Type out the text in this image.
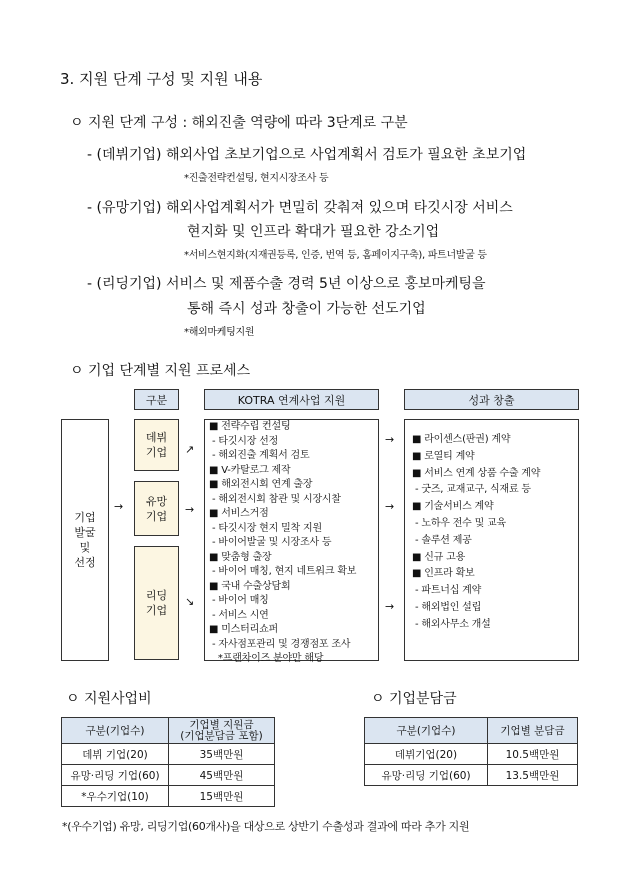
3. 지원 단계 구성 및 지원 내용
ㅇ 지원 단계 구성 : 해외진출 역량에 따라 3단계로 구분
- (데뷔기업) 해외사업 초보기업으로 사업계획서 검토가 필요한 초보기업
*진출전략컨설팅, 현지시장조사 등
- (유망기업) 해외사업계획서가 면밀히 갖춰져 있으며 타깃시장 서비스
현지화 및 인프라 확대가 필요한 강소기업
*서비스현지화(지재권등록, 인증, 번역 등, 홈페이지구축), 파트너발굴 등
- (리딩기업) 서비스 및 제품수출 경력 5년 이상으로 홍보마케팅을
통해 즉시 성과 창출이 가능한 선도기업
*해외마케팅지원
ㅇ 기업 단계별 지원 프로세스
구분	KOTRA 연계사업 지원	성과 창출
기업
발굴
및
선정
→
데뷔
기업
유망
기업
리딩
기업
↗
→
↘
■ 전략수립 컨설팅
- 타깃시장 선정
- 해외진출 계획서 검토
■ V-카탈로그 제작
■ 해외전시회 연계 출장
- 해외전시회 참관 및 시장시찰
■ 서비스거점
- 타깃시장 현지 밀착 지원
- 바이어발굴 및 시장조사 등
■ 맞춤형 출장
- 바이어 매칭, 현지 네트워크 확보
■ 국내 수출상담회
- 바이어 매칭
- 서비스 시연
■ 미스터리쇼퍼
- 자사점포관리 및 경쟁점포 조사
*프랜차이즈 분야만 해당
→
→
→
■ 라이센스(판권) 계약
■ 로열티 계약
■ 서비스 연계 상품 수출 계약
- 굿즈, 교재교구, 식재료 등
■ 기술서비스 계약
- 노하우 전수 및 교육
- 솔루션 제공
■ 신규 고용
■ 인프라 확보
- 파트너십 계약
- 해외법인 설립
- 해외사무소 개설
ㅇ 지원사업비
구분(기업수)	기업별 지원금
(기업분담금 포함)
데뷔 기업(20)	35백만원
유망·리딩 기업(60)	45백만원
*우수기업(10)	15백만원
ㅇ 기업분담금
구분(기업수)	기업별 분담금
데뷔기업(20)	10.5백만원
유망·리딩 기업(60)	13.5백만원
*(우수기업) 유망, 리딩기업(60개사)을 대상으로 상반기 수출성과 결과에 따라 추가 지원
